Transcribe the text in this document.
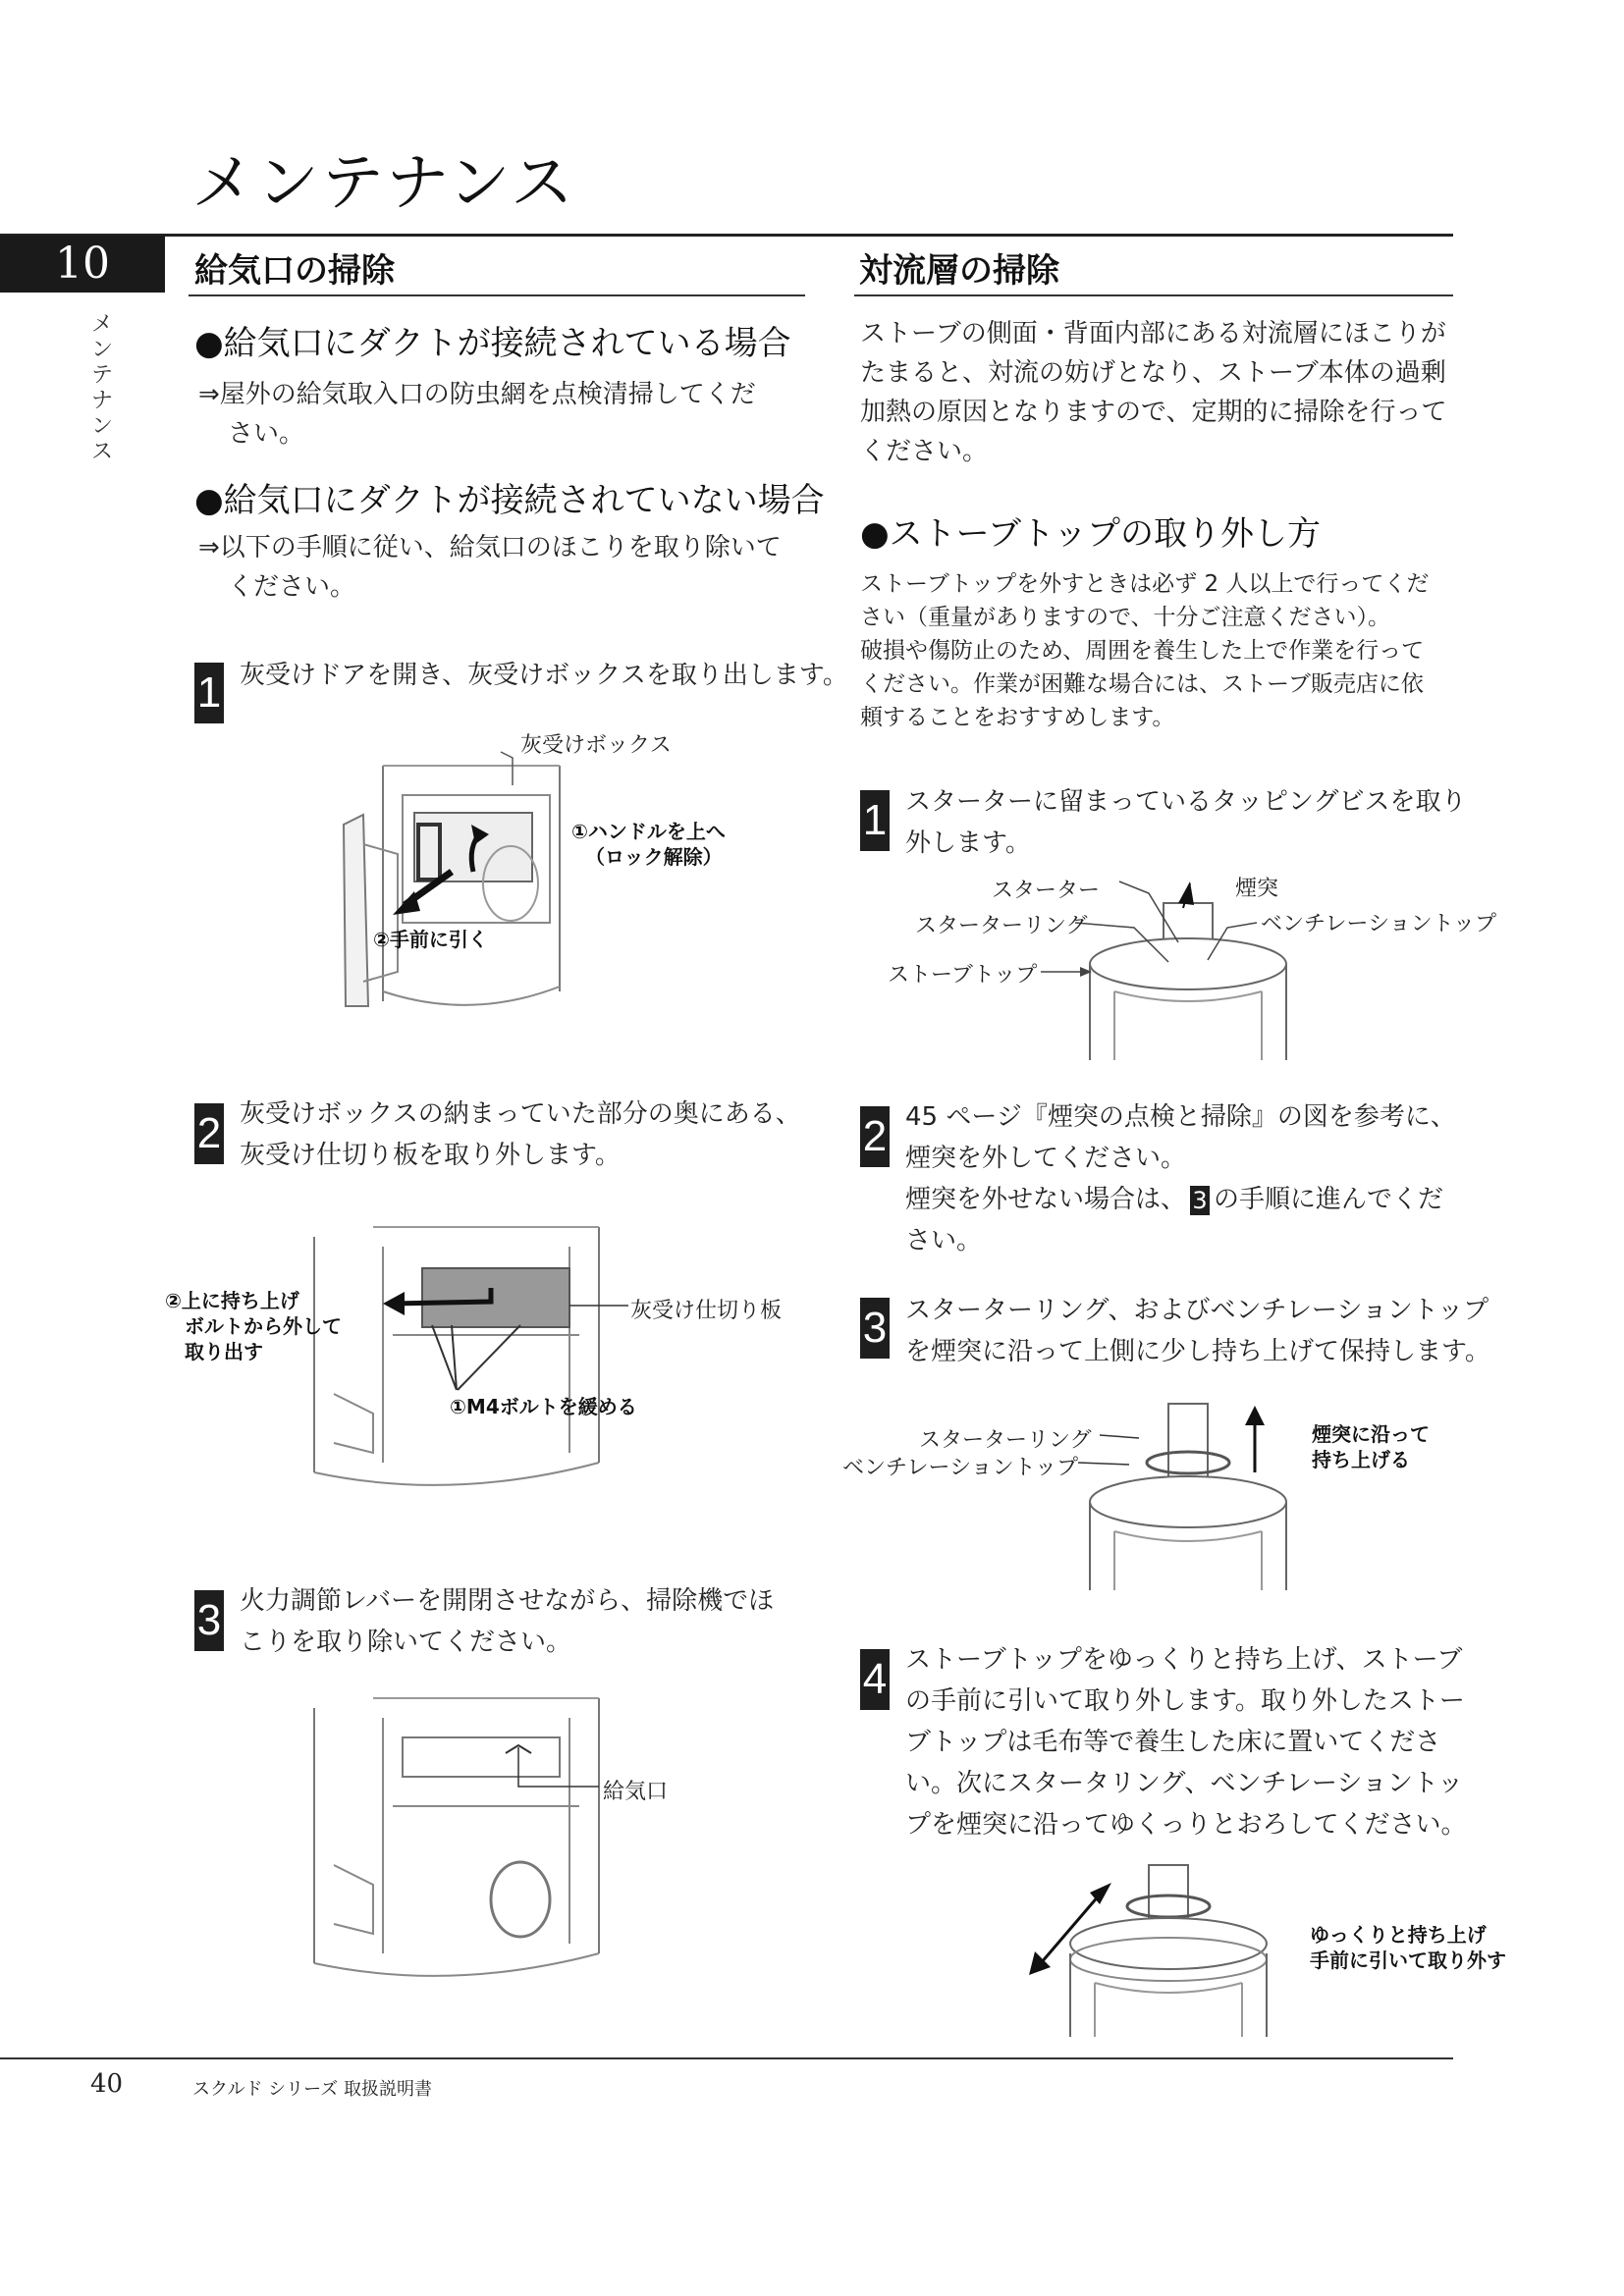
メンテナンス
10	給気口の掃除	対流層の掃除
メ
ン
テ
ナ
ン
ス
●給気口にダクトが接続されている場合
⇒屋外の給気取入口の防虫網を点検清掃してくだ
さい。
●給気口にダクトが接続されていない場合
⇒以下の手順に従い、給気口のほこりを取り除いて
ください。
1 灰受けドアを開き、灰受けボックスを取り出します。
灰受けボックス
①ハンドルを上へ
（ロック解除）
②手前に引く
2 灰受けボックスの納まっていた部分の奥にある、
灰受け仕切り板を取り外します。
②上に持ち上げ
ボルトから外して
取り出す
灰受け仕切り板
①M4ボルトを緩める
3 火力調節レバーを開閉させながら、掃除機でほ
こりを取り除いてください。
給気口
ストーブの側面・背面内部にある対流層にほこりが
たまると、対流の妨げとなり、ストーブ本体の過剰
加熱の原因となりますので、定期的に掃除を行って
ください。
●ストーブトップの取り外し方
ストーブトップを外すときは必ず 2 人以上で行ってくだ
さい（重量がありますので、十分ご注意ください）。
破損や傷防止のため、周囲を養生した上で作業を行って
ください。作業が困難な場合には、ストーブ販売店に依
頼することをおすすめします。
1 スターターに留まっているタッピングビスを取り
外します。
スターター	煙突
スターターリング	ベンチレーショントップ
ストーブトップ
2 45 ページ『煙突の点検と掃除』の図を参考に、
煙突を外してください。
煙突を外せない場合は、 3 の手順に進んでくだ
さい。
3 スターターリング、およびベンチレーショントップ
を煙突に沿って上側に少し持ち上げて保持します。
スターターリング
ベンチレーショントップ
煙突に沿って
持ち上げる
4 ストーブトップをゆっくりと持ち上げ、ストーブ
の手前に引いて取り外します。取り外したストー
ブトップは毛布等で養生した床に置いてくださ
い。次にスタータリング、ベンチレーショントッ
プを煙突に沿ってゆくっりとおろしてください。
ゆっくりと持ち上げ
手前に引いて取り外す
40	スクルド シリーズ 取扱説明書
